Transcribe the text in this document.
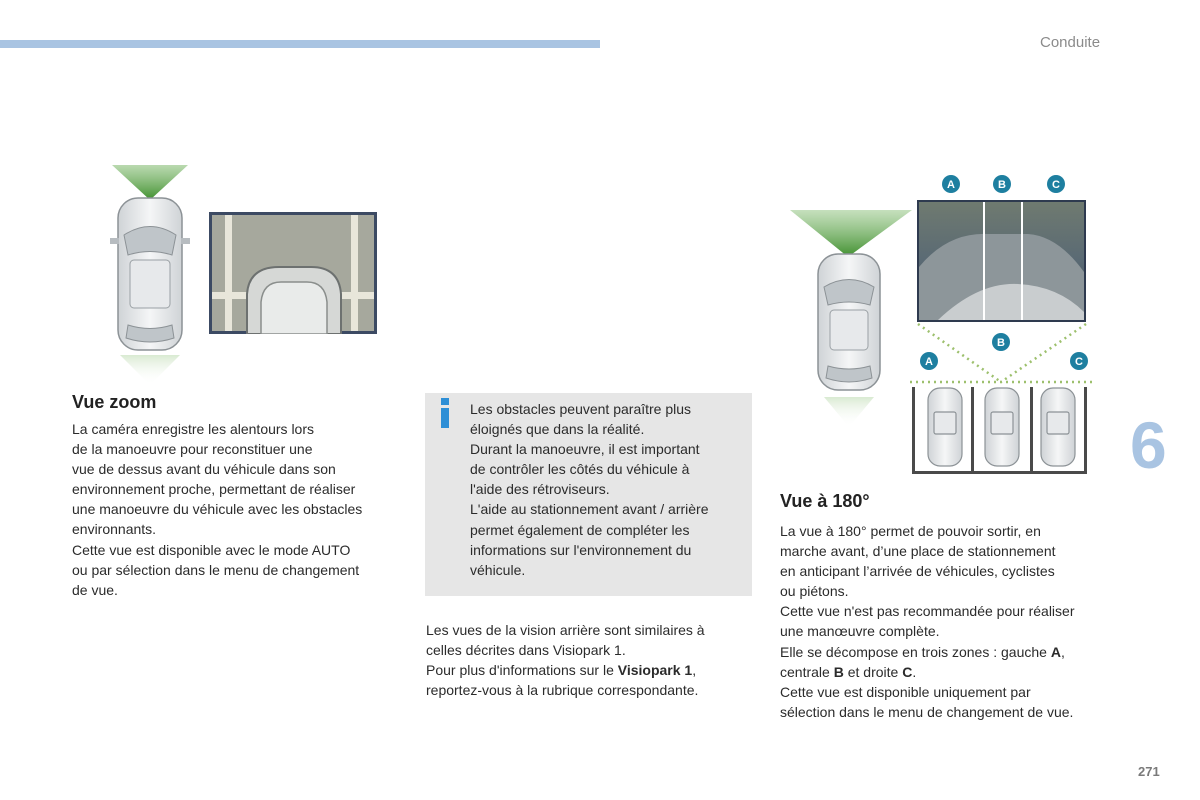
Conduite
6
271
Vue zoom
La caméra enregistre les alentours lors
de la manoeuvre pour reconstituer une
vue de dessus avant du véhicule dans son
environnement proche, permettant de réaliser
une manoeuvre du véhicule avec les obstacles
environnants.
Cette vue est disponible avec le mode AUTO
ou par sélection dans le menu de changement
de vue.
Les obstacles peuvent paraître plus
éloignés que dans la réalité.
Durant la manoeuvre, il est important
de contrôler les côtés du véhicule à
l'aide des rétroviseurs.
L'aide au stationnement avant / arrière
permet également de compléter les
informations sur l'environnement du
véhicule.
Les vues de la vision arrière sont similaires à
celles décrites dans Visiopark 1.
Pour plus d'informations sur le Visiopark 1,
reportez-vous à la rubrique correspondante.
A	B	C
B
A	C
Vue à 180°
La vue à 180° permet de pouvoir sortir, en
marche avant, d’une place de stationnement
en anticipant l’arrivée de véhicules, cyclistes
ou piétons.
Cette vue n'est pas recommandée pour réaliser
une manœuvre complète.
Elle se décompose en trois zones : gauche A,
centrale B et droite C.
Cette vue est disponible uniquement par
sélection dans le menu de changement de vue.
